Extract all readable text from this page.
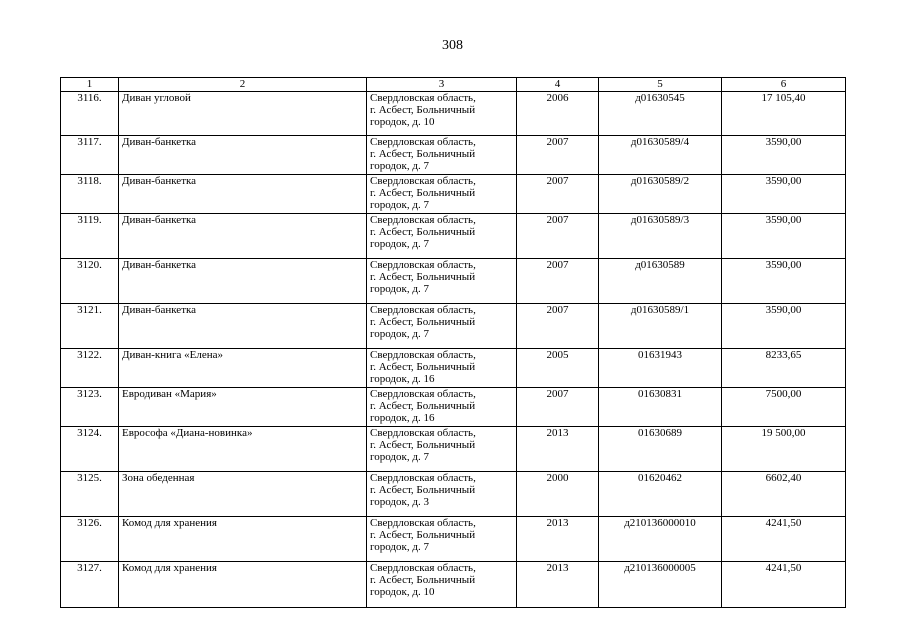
308
1	2	3	4	5	6
3116.	Диван угловой	Свердловская область,
г. Асбест, Больничный
городок, д. 10	2006	д01630545	17 105,40
3117.	Диван-банкетка	Свердловская область,
г. Асбест, Больничный
городок, д. 7	2007	д01630589/4	3590,00
3118.	Диван-банкетка	Свердловская область,
г. Асбест, Больничный
городок, д. 7	2007	д01630589/2	3590,00
3119.	Диван-банкетка	Свердловская область,
г. Асбест, Больничный
городок, д. 7	2007	д01630589/3	3590,00
3120.	Диван-банкетка	Свердловская область,
г. Асбест, Больничный
городок, д. 7	2007	д01630589	3590,00
3121.	Диван-банкетка	Свердловская область,
г. Асбест, Больничный
городок, д. 7	2007	д01630589/1	3590,00
3122.	Диван-книга «Елена»	Свердловская область,
г. Асбест, Больничный
городок, д. 16	2005	01631943	8233,65
3123.	Евродиван «Мария»	Свердловская область,
г. Асбест, Больничный
городок, д. 16	2007	01630831	7500,00
3124.	Еврософа «Диана-новинка»	Свердловская область,
г. Асбест, Больничный
городок, д. 7	2013	01630689	19 500,00
3125.	Зона обеденная	Свердловская область,
г. Асбест, Больничный
городок, д. 3	2000	01620462	6602,40
3126.	Комод для хранения	Свердловская область,
г. Асбест, Больничный
городок, д. 7	2013	д210136000010	4241,50
3127.	Комод для хранения	Свердловская область,
г. Асбест, Больничный
городок, д. 10	2013	д210136000005	4241,50
